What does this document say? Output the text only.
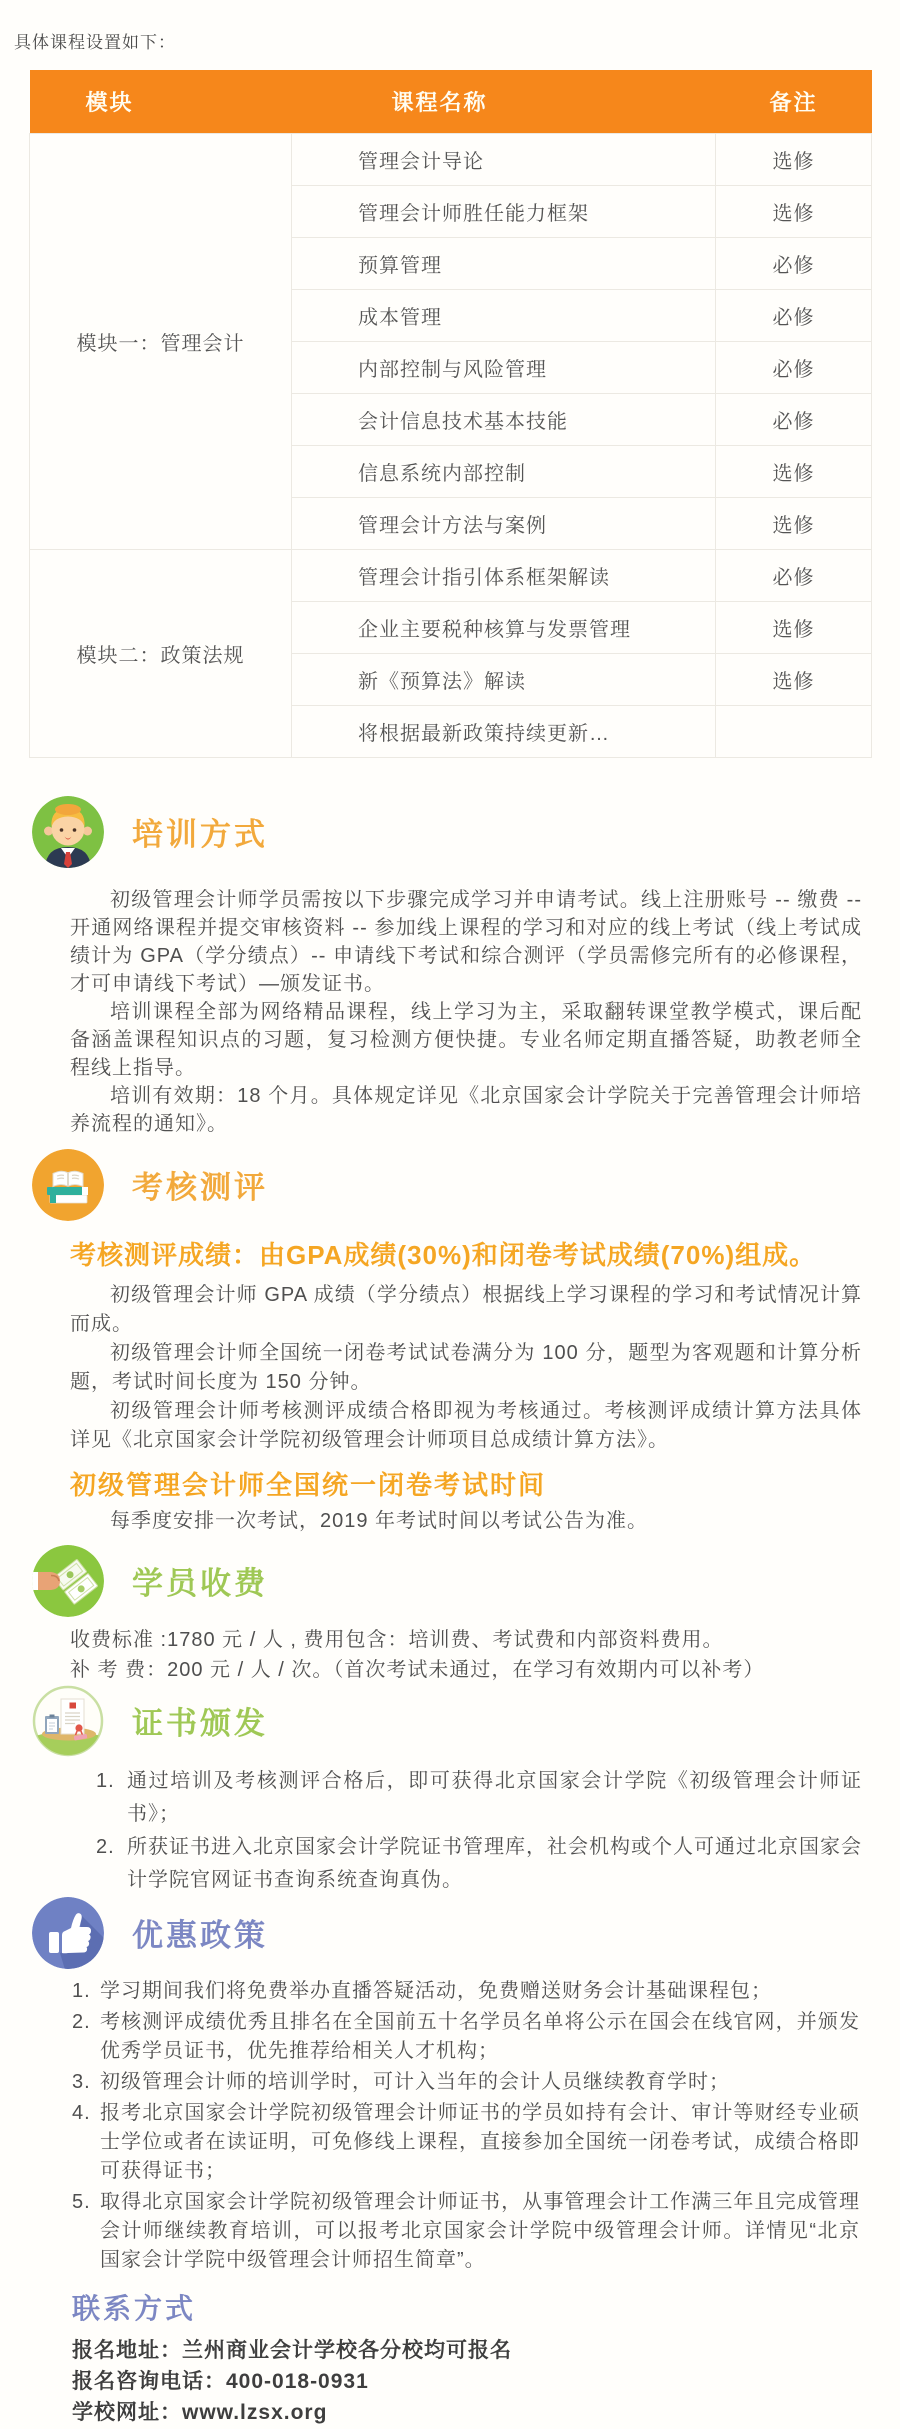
具体课程设置如下：

模块	课程名称	备注
模块一：管理会计	管理会计导论	选修
	管理会计师胜任能力框架	选修
	预算管理	必修
	成本管理	必修
	内部控制与风险管理	必修
	会计信息技术基本技能	必修
	信息系统内部控制	选修
	管理会计方法与案例	选修
模块二：政策法规	管理会计指引体系框架解读	必修
	企业主要税种核算与发票管理	选修
	新《预算法》解读	选修
	将根据最新政策持续更新…	
培训方式

初级管理会计师学员需按以下步骤完成学习并申请考试。线上注册账号 -- 缴费 -- 开通网络课程并提交审核资料 -- 参加线上课程的学习和对应的线上考试（线上考试成绩计为 GPA（学分绩点）-- 申请线下考试和综合测评（学员需修完所有的必修课程，才可申请线下考试）—颁发证书。

培训课程全部为网络精品课程，线上学习为主，采取翻转课堂教学模式，课后配备涵盖课程知识点的习题，复习检测方便快捷。专业名师定期直播答疑，助教老师全程线上指导。

培训有效期：18 个月。具体规定详见《北京国家会计学院关于完善管理会计师培养流程的通知》。

考核测评

考核测评成绩：由GPA成绩(30%)和闭卷考试成绩(70%)组成。

初级管理会计师 GPA 成绩（学分绩点）根据线上学习课程的学习和考试情况计算而成。

初级管理会计师全国统一闭卷考试试卷满分为 100 分，题型为客观题和计算分析题，考试时间长度为 150 分钟。

初级管理会计师考核测评成绩合格即视为考核通过。考核测评成绩计算方法具体详见《北京国家会计学院初级管理会计师项目总成绩计算方法》。

初级管理会计师全国统一闭卷考试时间

每季度安排一次考试，2019 年考试时间以考试公告为准。

学员收费

收费标准 :1780 元 / 人 , 费用包含：培训费、考试费和内部资料费用。

补 考 费：200 元 / 人 / 次。（首次考试未通过，在学习有效期内可以补考）

证书颁发
通过培训及考核测评合格后，即可获得北京国家会计学院《初级管理会计师证书》；
所获证书进入北京国家会计学院证书管理库，社会机构或个人可通过北京国家会计学院官网证书查询系统查询真伪。
优惠政策
学习期间我们将免费举办直播答疑活动，免费赠送财务会计基础课程包；
考核测评成绩优秀且排名在全国前五十名学员名单将公示在国会在线官网，并颁发优秀学员证书，优先推荐给相关人才机构；
初级管理会计师的培训学时，可计入当年的会计人员继续教育学时；
报考北京国家会计学院初级管理会计师证书的学员如持有会计、审计等财经专业硕士学位或者在读证明，可免修线上课程，直接参加全国统一闭卷考试，成绩合格即可获得证书；
取得北京国家会计学院初级管理会计师证书，从事管理会计工作满三年且完成管理会计师继续教育培训，可以报考北京国家会计学院中级管理会计师。详情见“北京国家会计学院中级管理会计师招生简章”。
联系方式

报名地址：兰州商业会计学校各分校均可报名

报名咨询电话：400-018-0931

学校网址：www.lzsx.org
